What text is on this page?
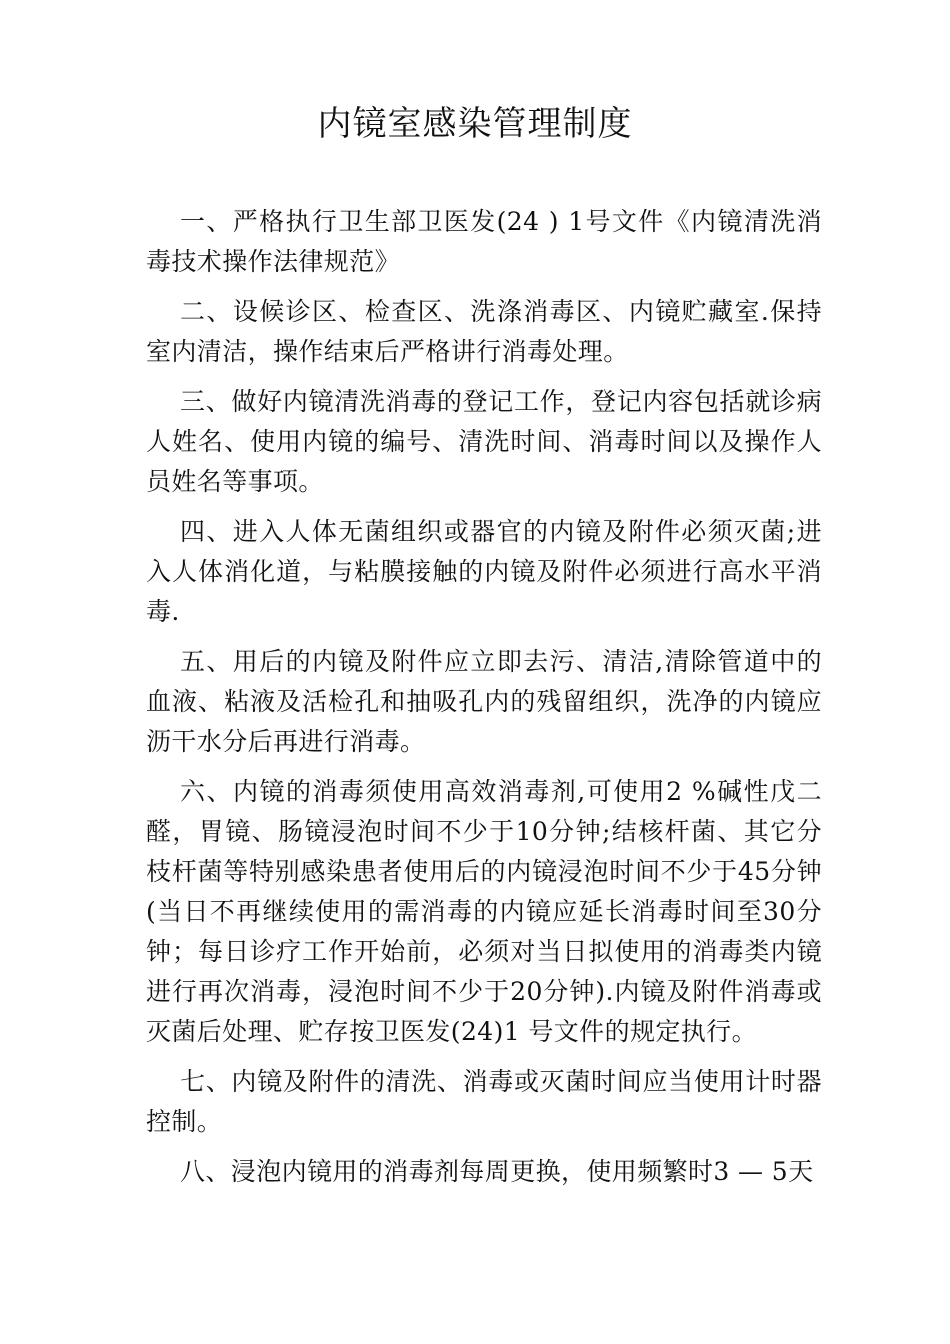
内镜室感染管理制度

一、严格执行卫生部卫医发(24 ) 1号文件《内镜清洗消毒技术操作法律规范》

二、设候诊区、检查区、洗涤消毒区、内镜贮藏室.保持室内清洁，操作结束后严格讲行消毒处理。

三、做好内镜清洗消毒的登记工作，登记内容包括就诊病人姓名、使用内镜的编号、清洗时间、消毒时间以及操作人员姓名等事项。

四、进入人体无菌组织或器官的内镜及附件必须灭菌;进入人体消化道，与粘膜接触的内镜及附件必须进行高水平消毒.

五、用后的内镜及附件应立即去污、清洁,清除管道中的血液、粘液及活检孔和抽吸孔内的残留组织，洗净的内镜应沥干水分后再进行消毒。

六、内镜的消毒须使用高效消毒剂,可使用2 %碱性戊二醛，胃镜、肠镜浸泡时间不少于10分钟;结核杆菌、其它分枝杆菌等特别感染患者使用后的内镜浸泡时间不少于45分钟(当日不再继续使用的需消毒的内镜应延长消毒时间至30分钟；每日诊疗工作开始前，必须对当日拟使用的消毒类内镜进行再次消毒，浸泡时间不少于20分钟).内镜及附件消毒或灭菌后处理、贮存按卫医发(24)1 号文件的规定执行。

七、内镜及附件的清洗、消毒或灭菌时间应当使用计时器控制。

八、浸泡内镜用的消毒剂每周更换，使用频繁时3 — 5天
